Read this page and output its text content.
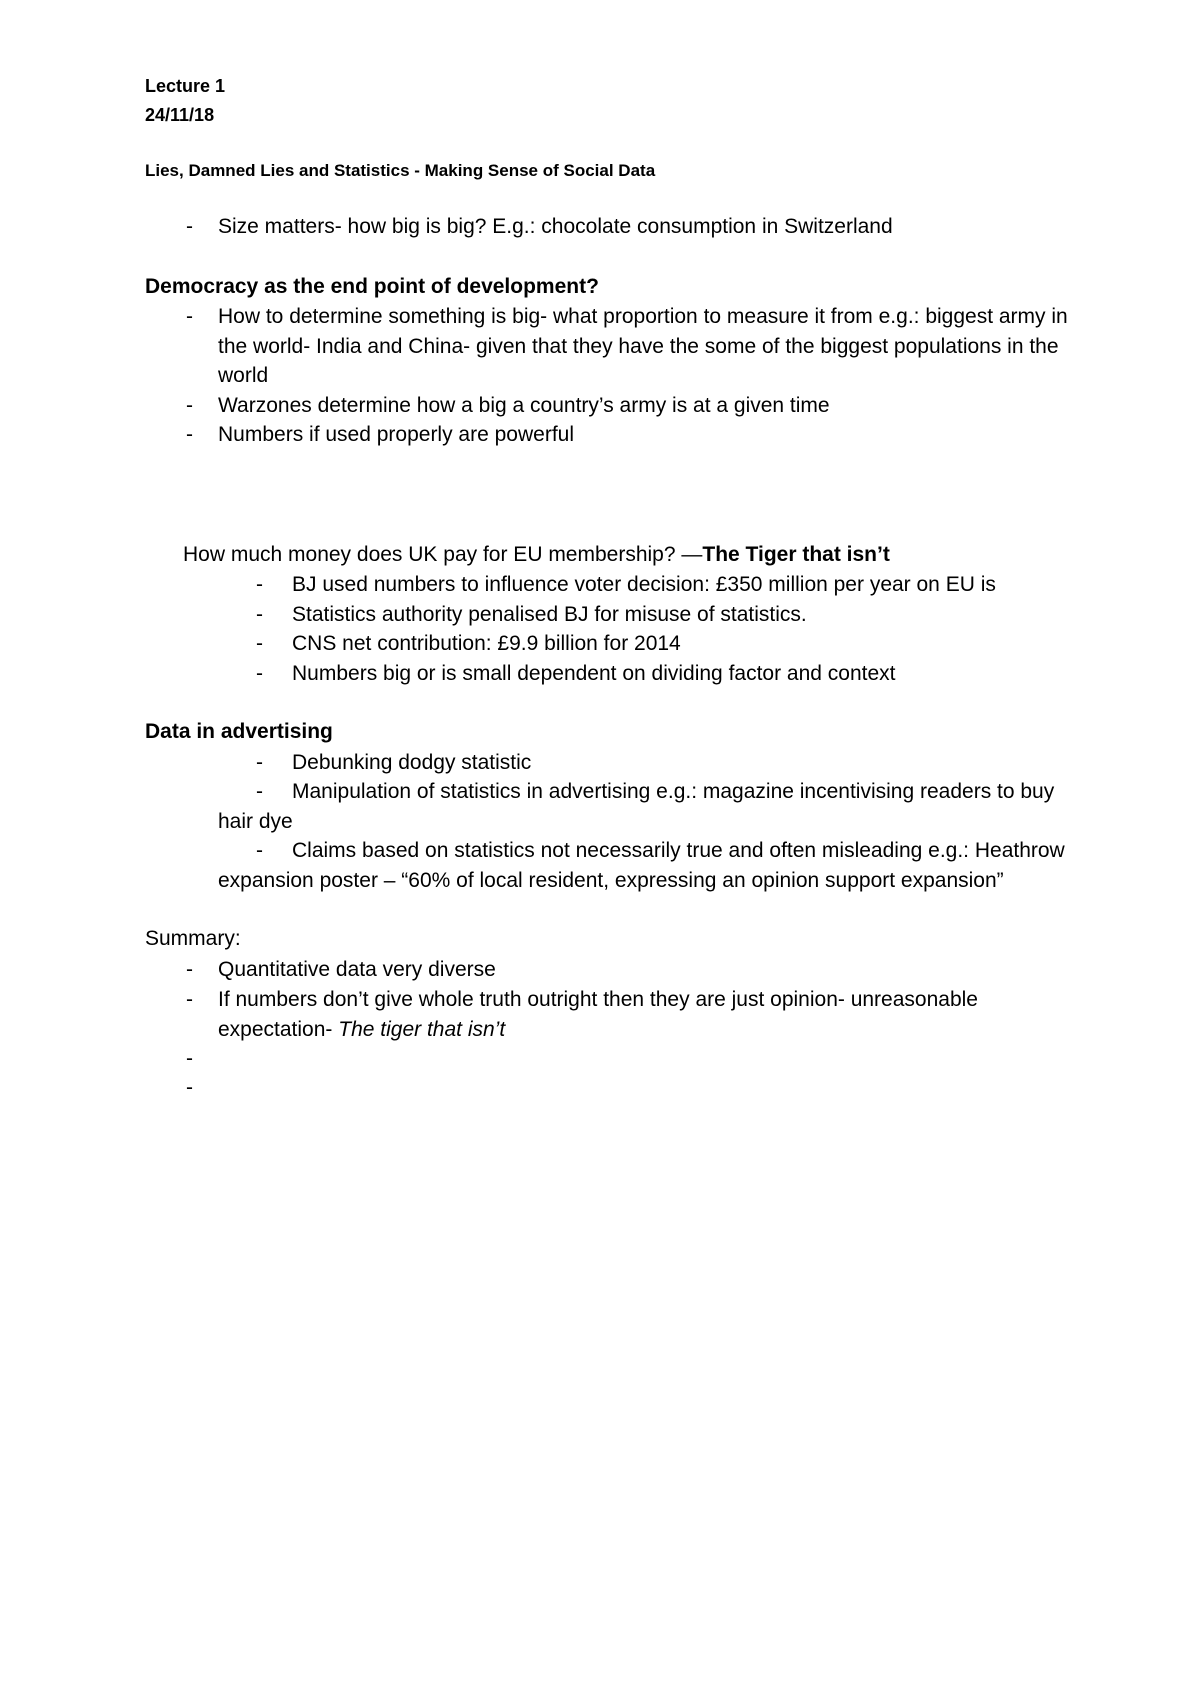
Lecture 1
24/11/18
Lies, Damned Lies and Statistics - Making Sense of Social Data
- Size matters- how big is big? E.g.: chocolate consumption in Switzerland
Democracy as the end point of development?
- How to determine something is big- what proportion to measure it from e.g.: biggest army in the world- India and China- given that they have the some of the biggest populations in the world
- Warzones determine how a big a country’s army is at a given time
- Numbers if used properly are powerful
How much money does UK pay for EU membership? —The Tiger that isn’t
- BJ used numbers to influence voter decision: £350 million per year on EU is
- Statistics authority penalised BJ for misuse of statistics.
- CNS net contribution: £9.9 billion for 2014
- Numbers big or is small dependent on dividing factor and context
Data in advertising
- Debunking dodgy statistic
-	Manipulation of statistics in advertising e.g.: magazine incentivising readers to buy hair dye
-	Claims based on statistics not necessarily true and often misleading e.g.: Heathrow expansion poster – “60% of local resident, expressing an opinion support expansion”
Summary:
- Quantitative data very diverse
- If numbers don’t give whole truth outright then they are just opinion- unreasonable expectation- The tiger that isn’t
-
-
